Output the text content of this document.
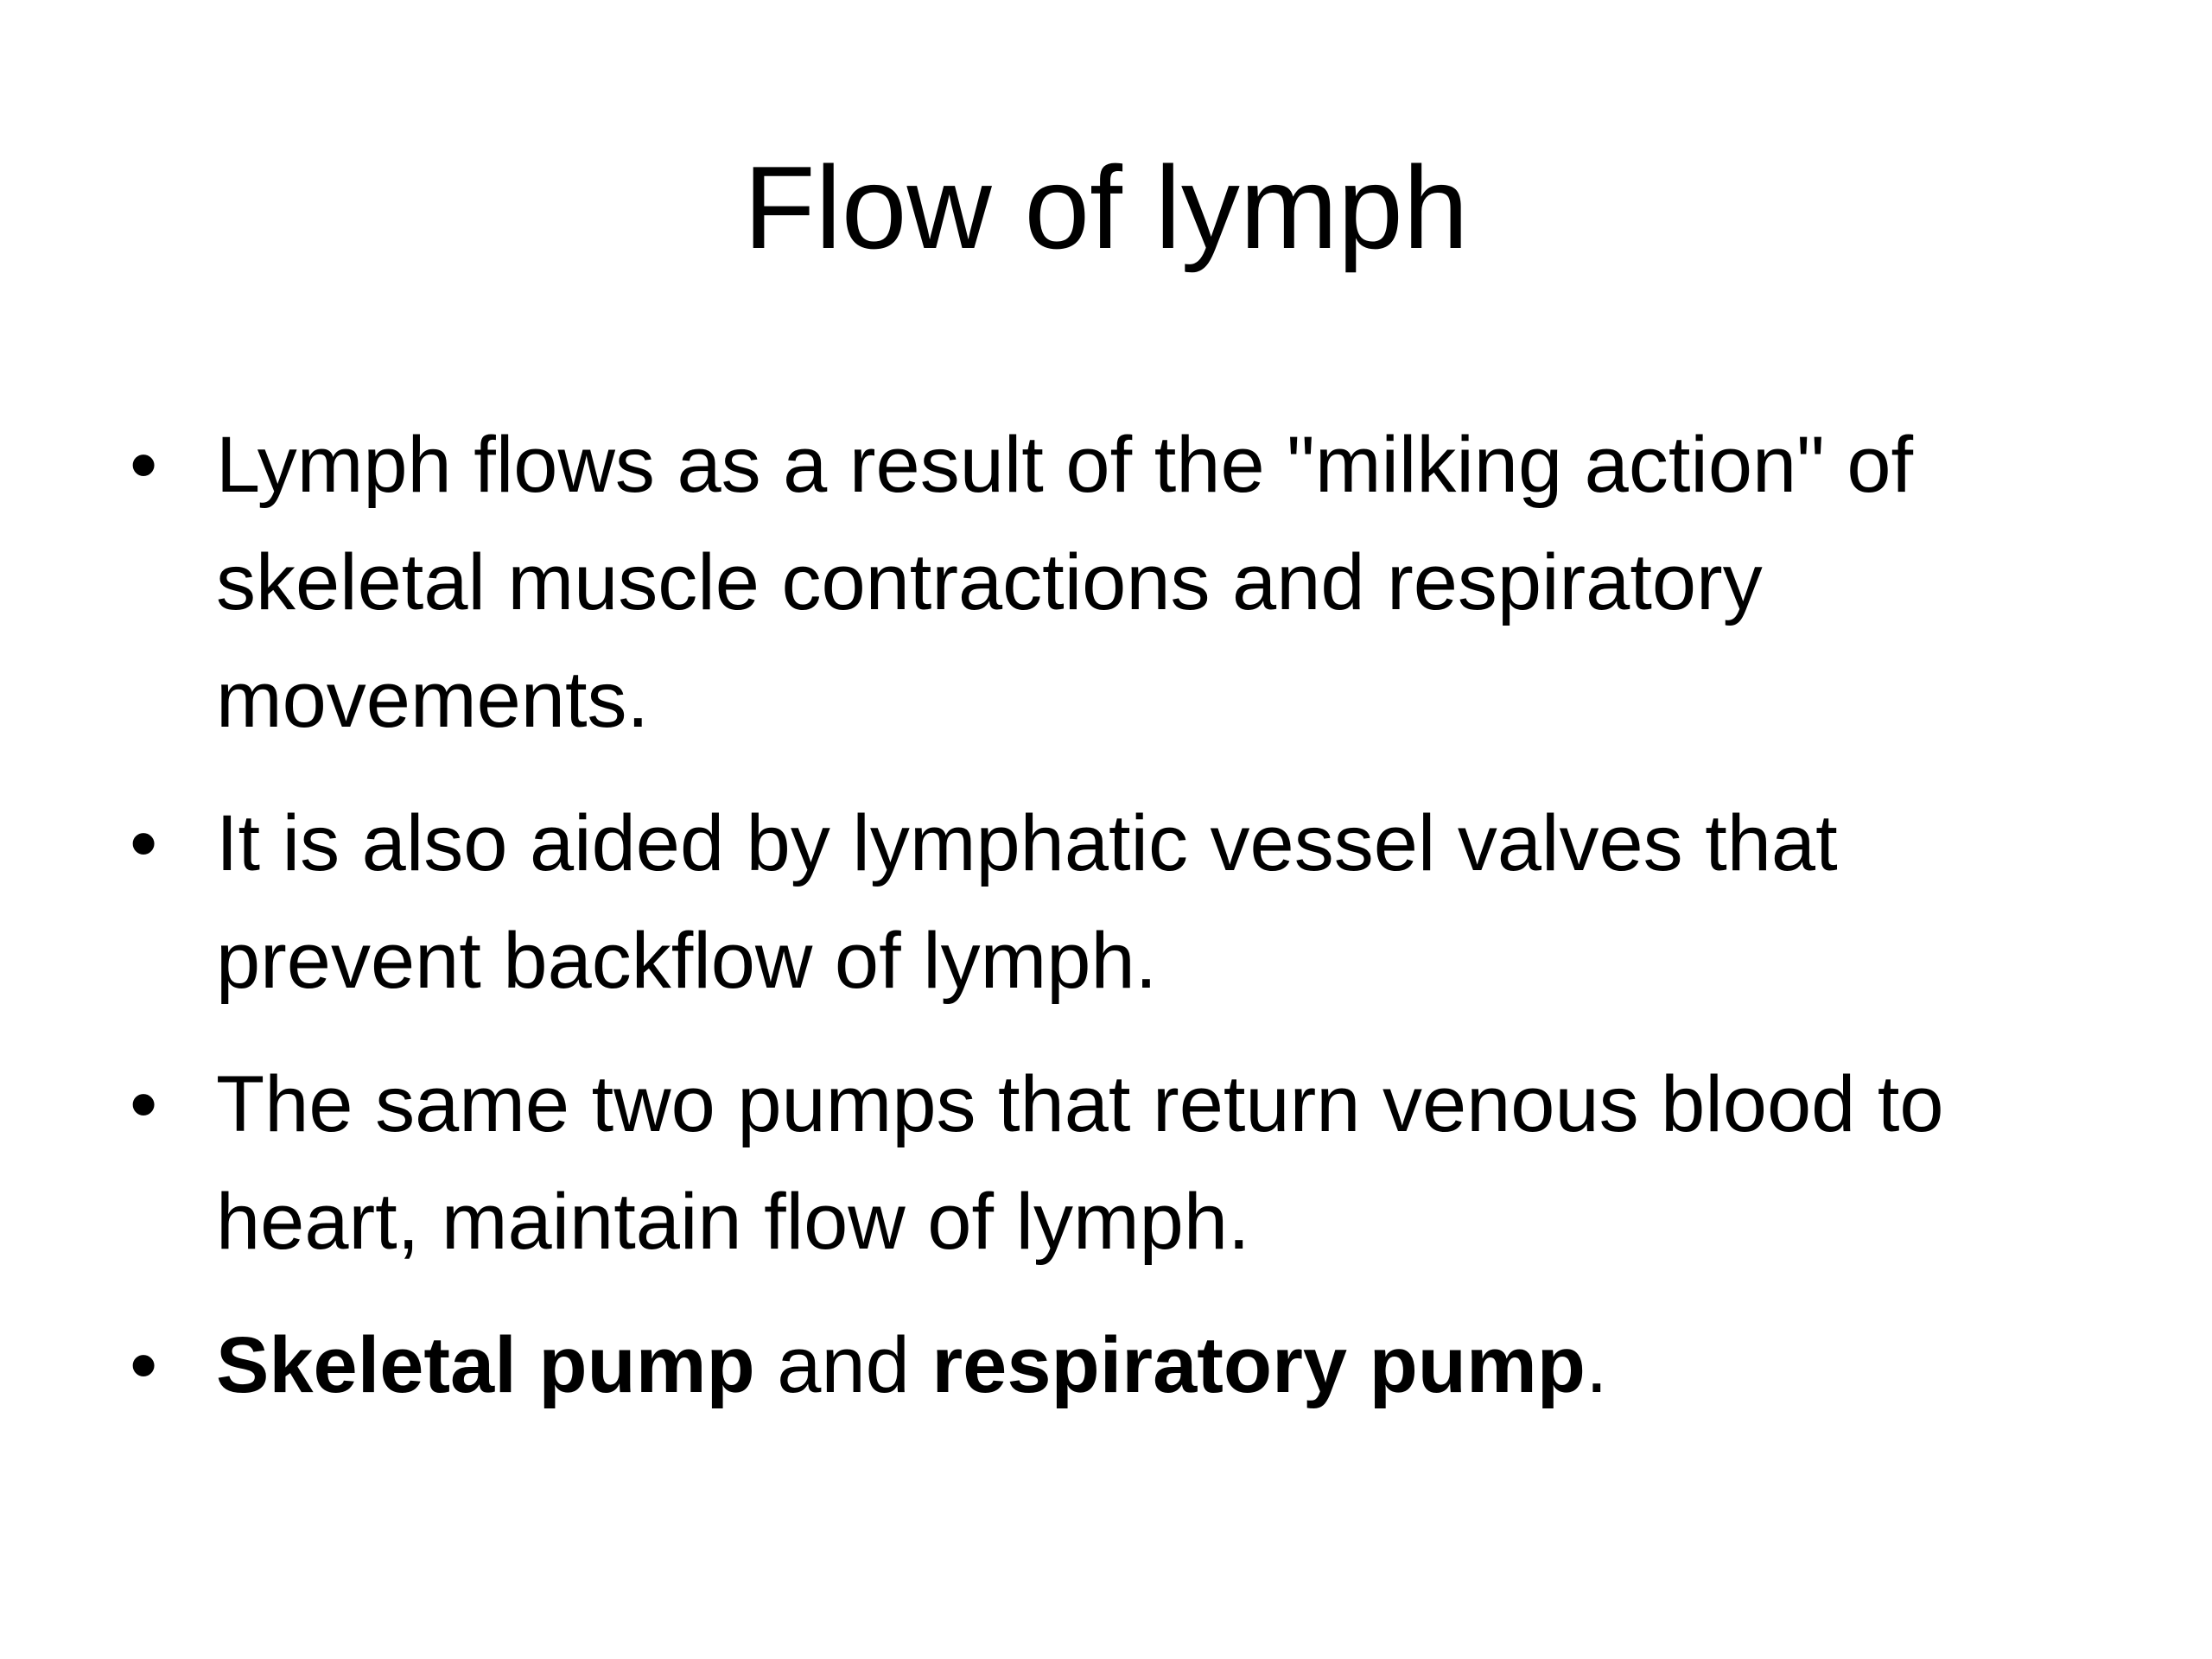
Flow of lymph
• Lymph flows as a result of the "milking action" of skeletal muscle contractions and respiratory movements.
• It is also aided by lymphatic vessel valves that prevent backflow of lymph.
• The same two pumps that return venous blood to heart, maintain flow of lymph.
• Skeletal pump and respiratory pump.
